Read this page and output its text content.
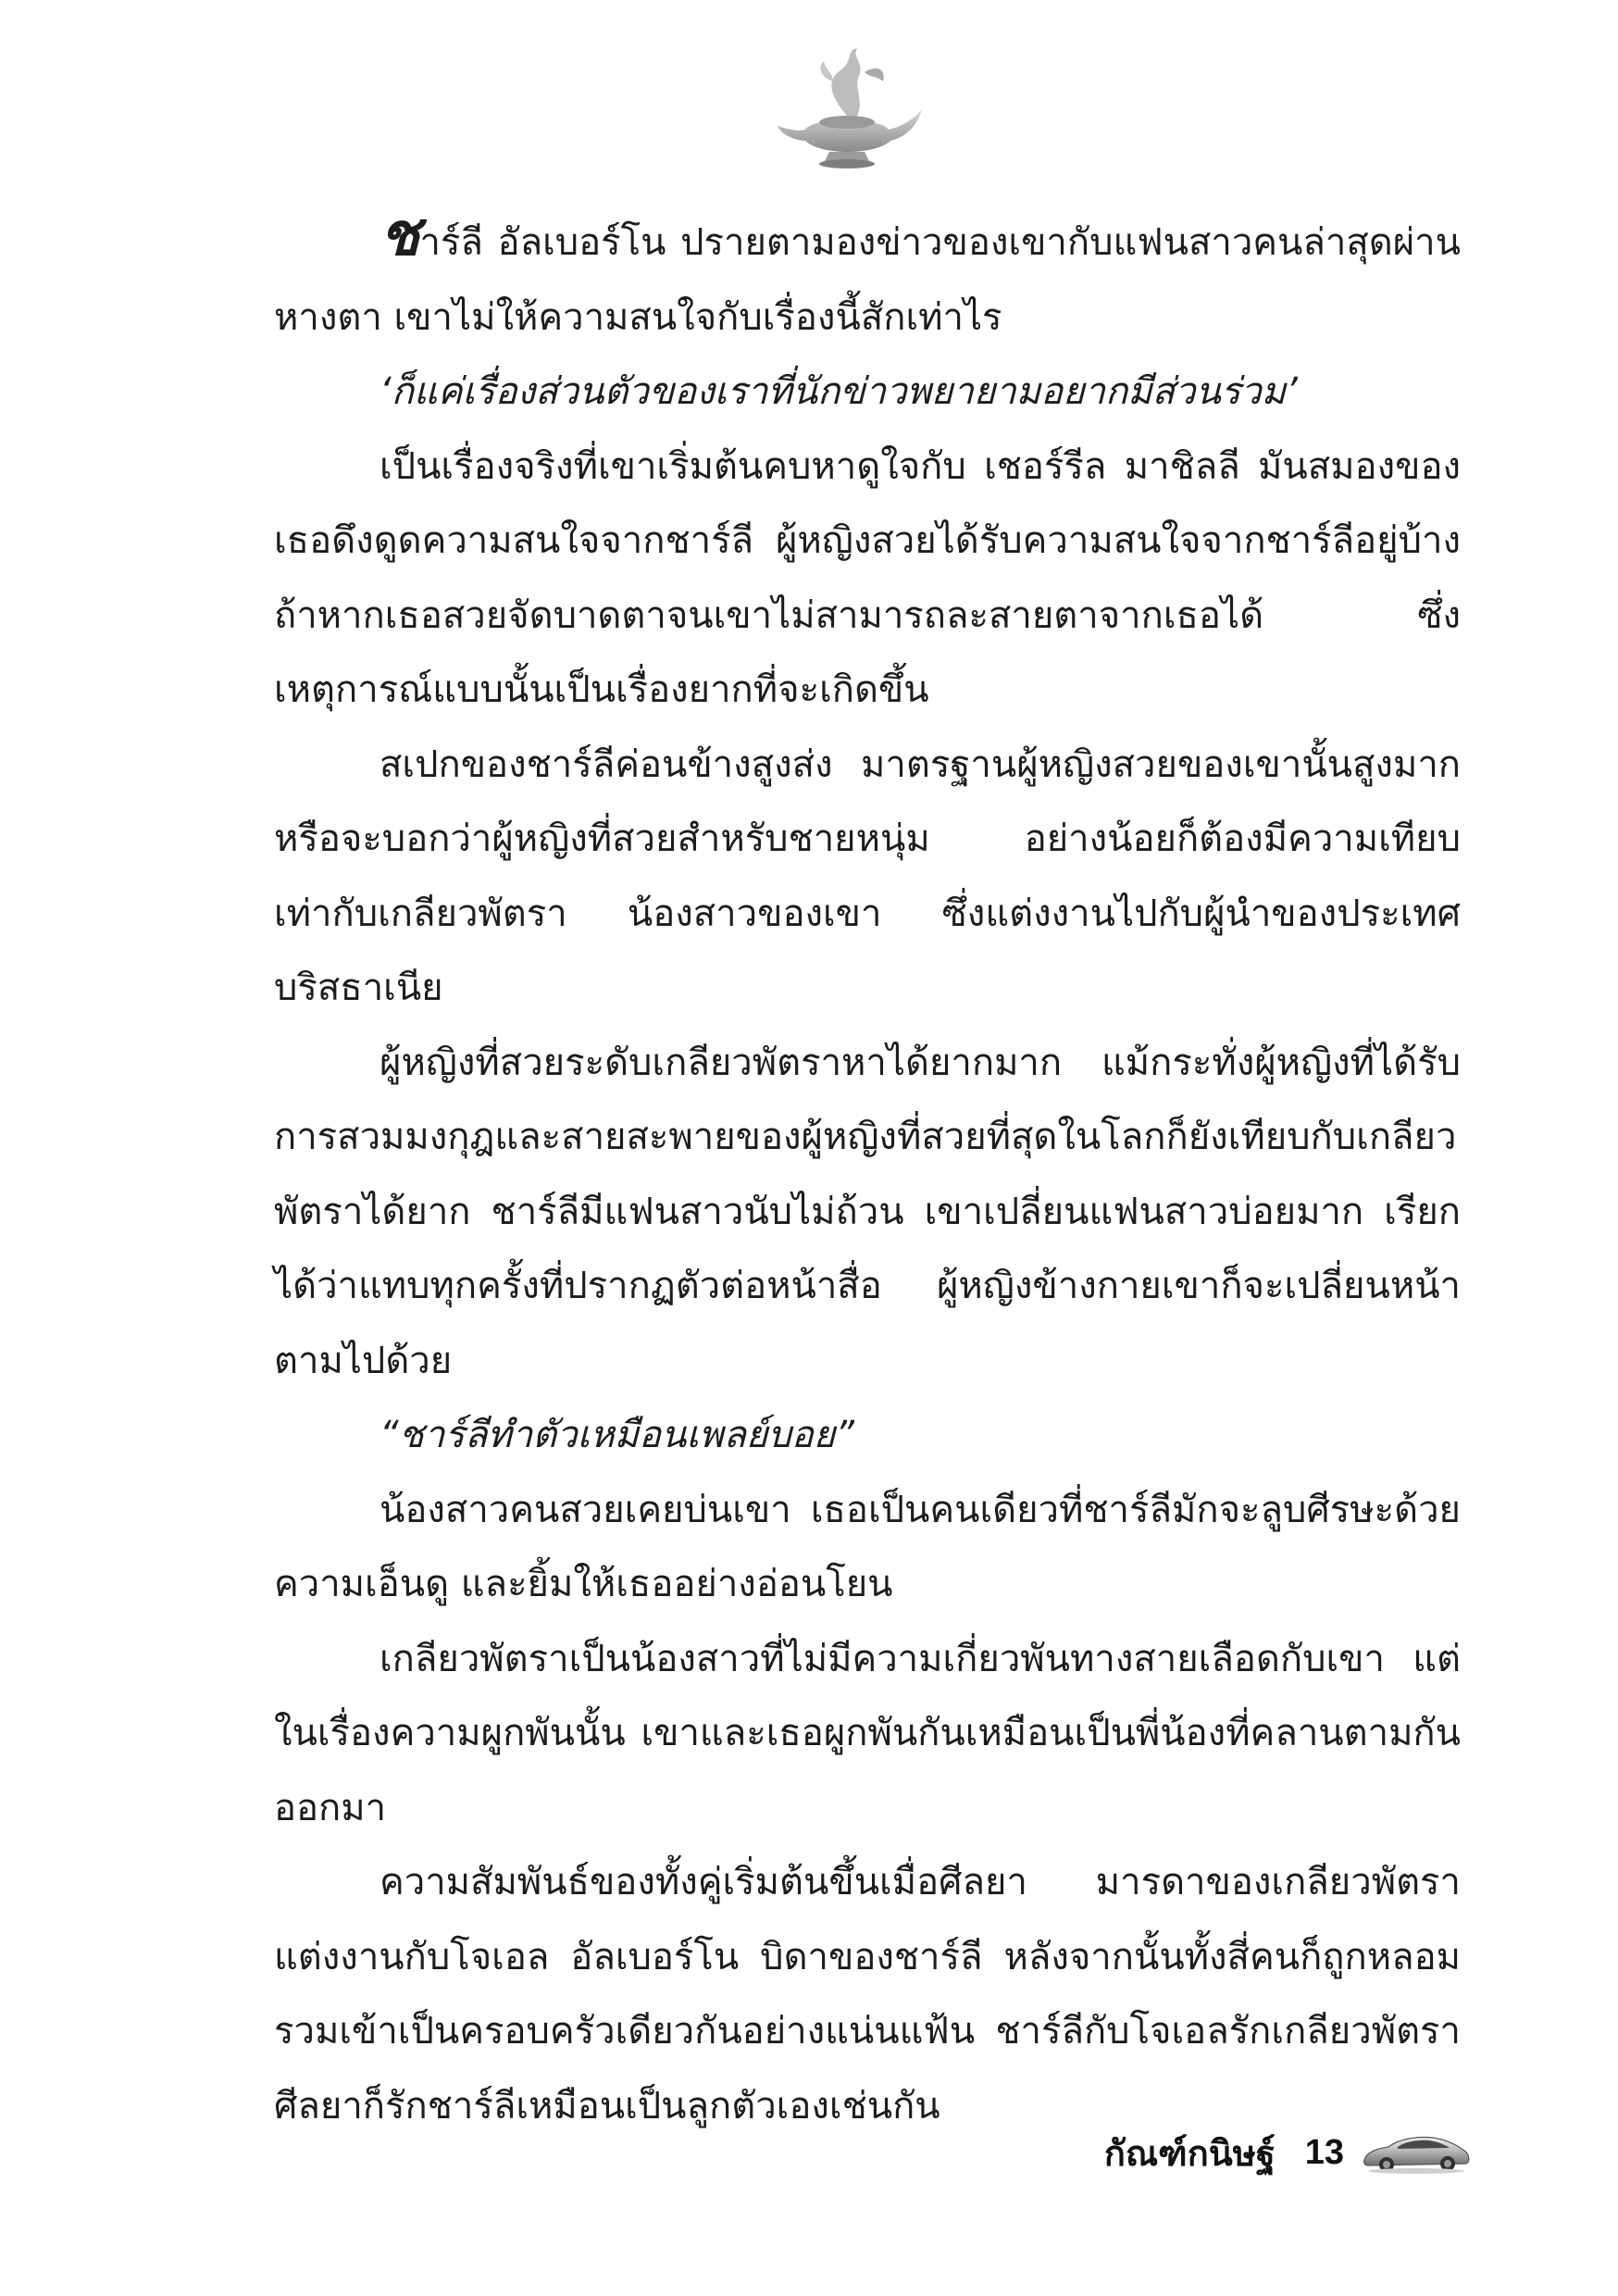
ชาร์ลี อัลเบอร์โน ปรายตามองข่าวของเขากับแฟนสาวคนล่าสุดผ่านหางตา เขาไม่ให้ความสนใจกับเรื่องนี้สักเท่าไร

‘ก็แค่เรื่องส่วนตัวของเราที่นักข่าวพยายามอยากมีส่วนร่วม’

เป็นเรื่องจริงที่เขาเริ่มต้นคบหาดูใจกับ เชอร์รีล มาชิลลี มันสมองของเธอดึงดูดความสนใจจากชาร์ลี ผู้หญิงสวยได้รับความสนใจจากชาร์ลีอยู่บ้าง ถ้าหากเธอสวยจัดบาดตาจนเขาไม่สามารถละสายตาจากเธอได้ ซึ่งเหตุการณ์แบบนั้นเป็นเรื่องยากที่จะเกิดขึ้น

สเปกของชาร์ลีค่อนข้างสูงส่ง มาตรฐานผู้หญิงสวยของเขานั้นสูงมาก หรือจะบอกว่าผู้หญิงที่สวยสำหรับชายหนุ่ม อย่างน้อยก็ต้องมีความเทียบเท่ากับเกลียวพัตรา น้องสาวของเขา ซึ่งแต่งงานไปกับผู้นำของประเทศบริสธาเนีย

ผู้หญิงที่สวยระดับเกลียวพัตราหาได้ยากมาก แม้กระทั่งผู้หญิงที่ได้รับการสวมมงกุฎและสายสะพายของผู้หญิงที่สวยที่สุดในโลกก็ยังเทียบกับเกลียวพัตราได้ยาก ชาร์ลีมีแฟนสาวนับไม่ถ้วน เขาเปลี่ยนแฟนสาวบ่อยมาก เรียกได้ว่าแทบทุกครั้งที่ปรากฏตัวต่อหน้าสื่อ ผู้หญิงข้างกายเขาก็จะเปลี่ยนหน้าตามไปด้วย

“ชาร์ลีทำตัวเหมือนเพลย์บอย”

น้องสาวคนสวยเคยบ่นเขา เธอเป็นคนเดียวที่ชาร์ลีมักจะลูบศีรษะด้วยความเอ็นดู และยิ้มให้เธออย่างอ่อนโยน

เกลียวพัตราเป็นน้องสาวที่ไม่มีความเกี่ยวพันทางสายเลือดกับเขา แต่ในเรื่องความผูกพันนั้น เขาและเธอผูกพันกันเหมือนเป็นพี่น้องที่คลานตามกันออกมา

ความสัมพันธ์ของทั้งคู่เริ่มต้นขึ้นเมื่อศีลยา มารดาของเกลียวพัตราแต่งงานกับโจเอล อัลเบอร์โน บิดาของชาร์ลี หลังจากนั้นทั้งสี่คนก็ถูกหลอมรวมเข้าเป็นครอบครัวเดียวกันอย่างแน่นแฟ้น ชาร์ลีกับโจเอลรักเกลียวพัตรา ศีลยาก็รักชาร์ลีเหมือนเป็นลูกตัวเองเช่นกัน

กัณฑ์กนิษฐ์ 13
